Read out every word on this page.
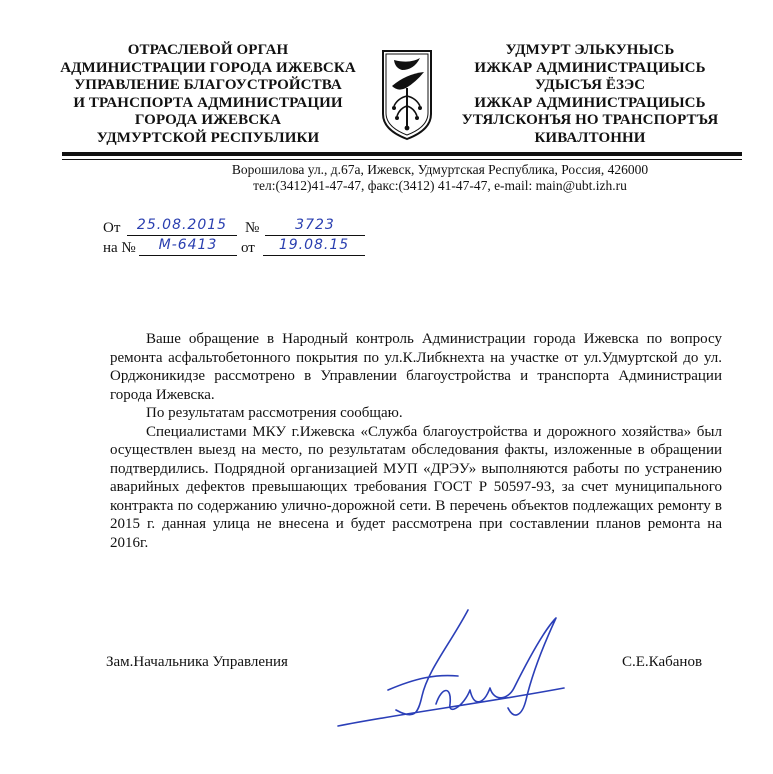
ОТРАСЛЕВОЙ ОРГАН
АДМИНИСТРАЦИИ ГОРОДА ИЖЕВСКА
УПРАВЛЕНИЕ БЛАГОУСТРОЙСТВА
И ТРАНСПОРТА АДМИНИСТРАЦИИ
ГОРОДА ИЖЕВСКА
УДМУРТСКОЙ РЕСПУБЛИКИ
УДМУРТ ЭЛЬКУНЫСЬ
ИЖКАР АДМИНИСТРАЦИЫСЬ
УДЫСЪЯ ЁЗЭС
ИЖКАР АДМИНИСТРАЦИЫСЬ
УТЯЛСКОНЪЯ НО ТРАНСПОРТЪЯ
КИВАЛТОННИ
Ворошилова ул., д.67а, Ижевск, Удмуртская Республика, Россия, 426000
тел:(3412)41-47-47, факс:(3412) 41-47-47, e-mail: main@ubt.izh.ru
От	25.08.2015	№	3723
на №	М-6413	от	19.08.15

Ваше обращение в Народный контроль Администрации города Ижевска по вопросу ремонта асфальтобетонного покрытия по ул.К.Либкнехта на участке от ул.Удмуртской до ул. Орджоникидзе рассмотрено в Управлении благоустройства и транспорта Администрации города Ижевска.

По результатам рассмотрения сообщаю.

Специалистами МКУ г.Ижевска «Служба благоустройства и дорожного хозяйства» был осуществлен выезд на место, по результатам обследования факты, изложенные в обращении подтвердились. Подрядной организацией МУП «ДРЭУ» выполняются работы по устранению аварийных дефектов превышающих требования ГОСТ Р 50597-93, за счет муниципального контракта по содержанию улично-дорожной сети. В перечень объектов подлежащих ремонту в 2015 г. данная улица не внесена и будет рассмотрена при составлении планов ремонта на 2016г.

Зам.Начальника Управления	С.Е.Кабанов
